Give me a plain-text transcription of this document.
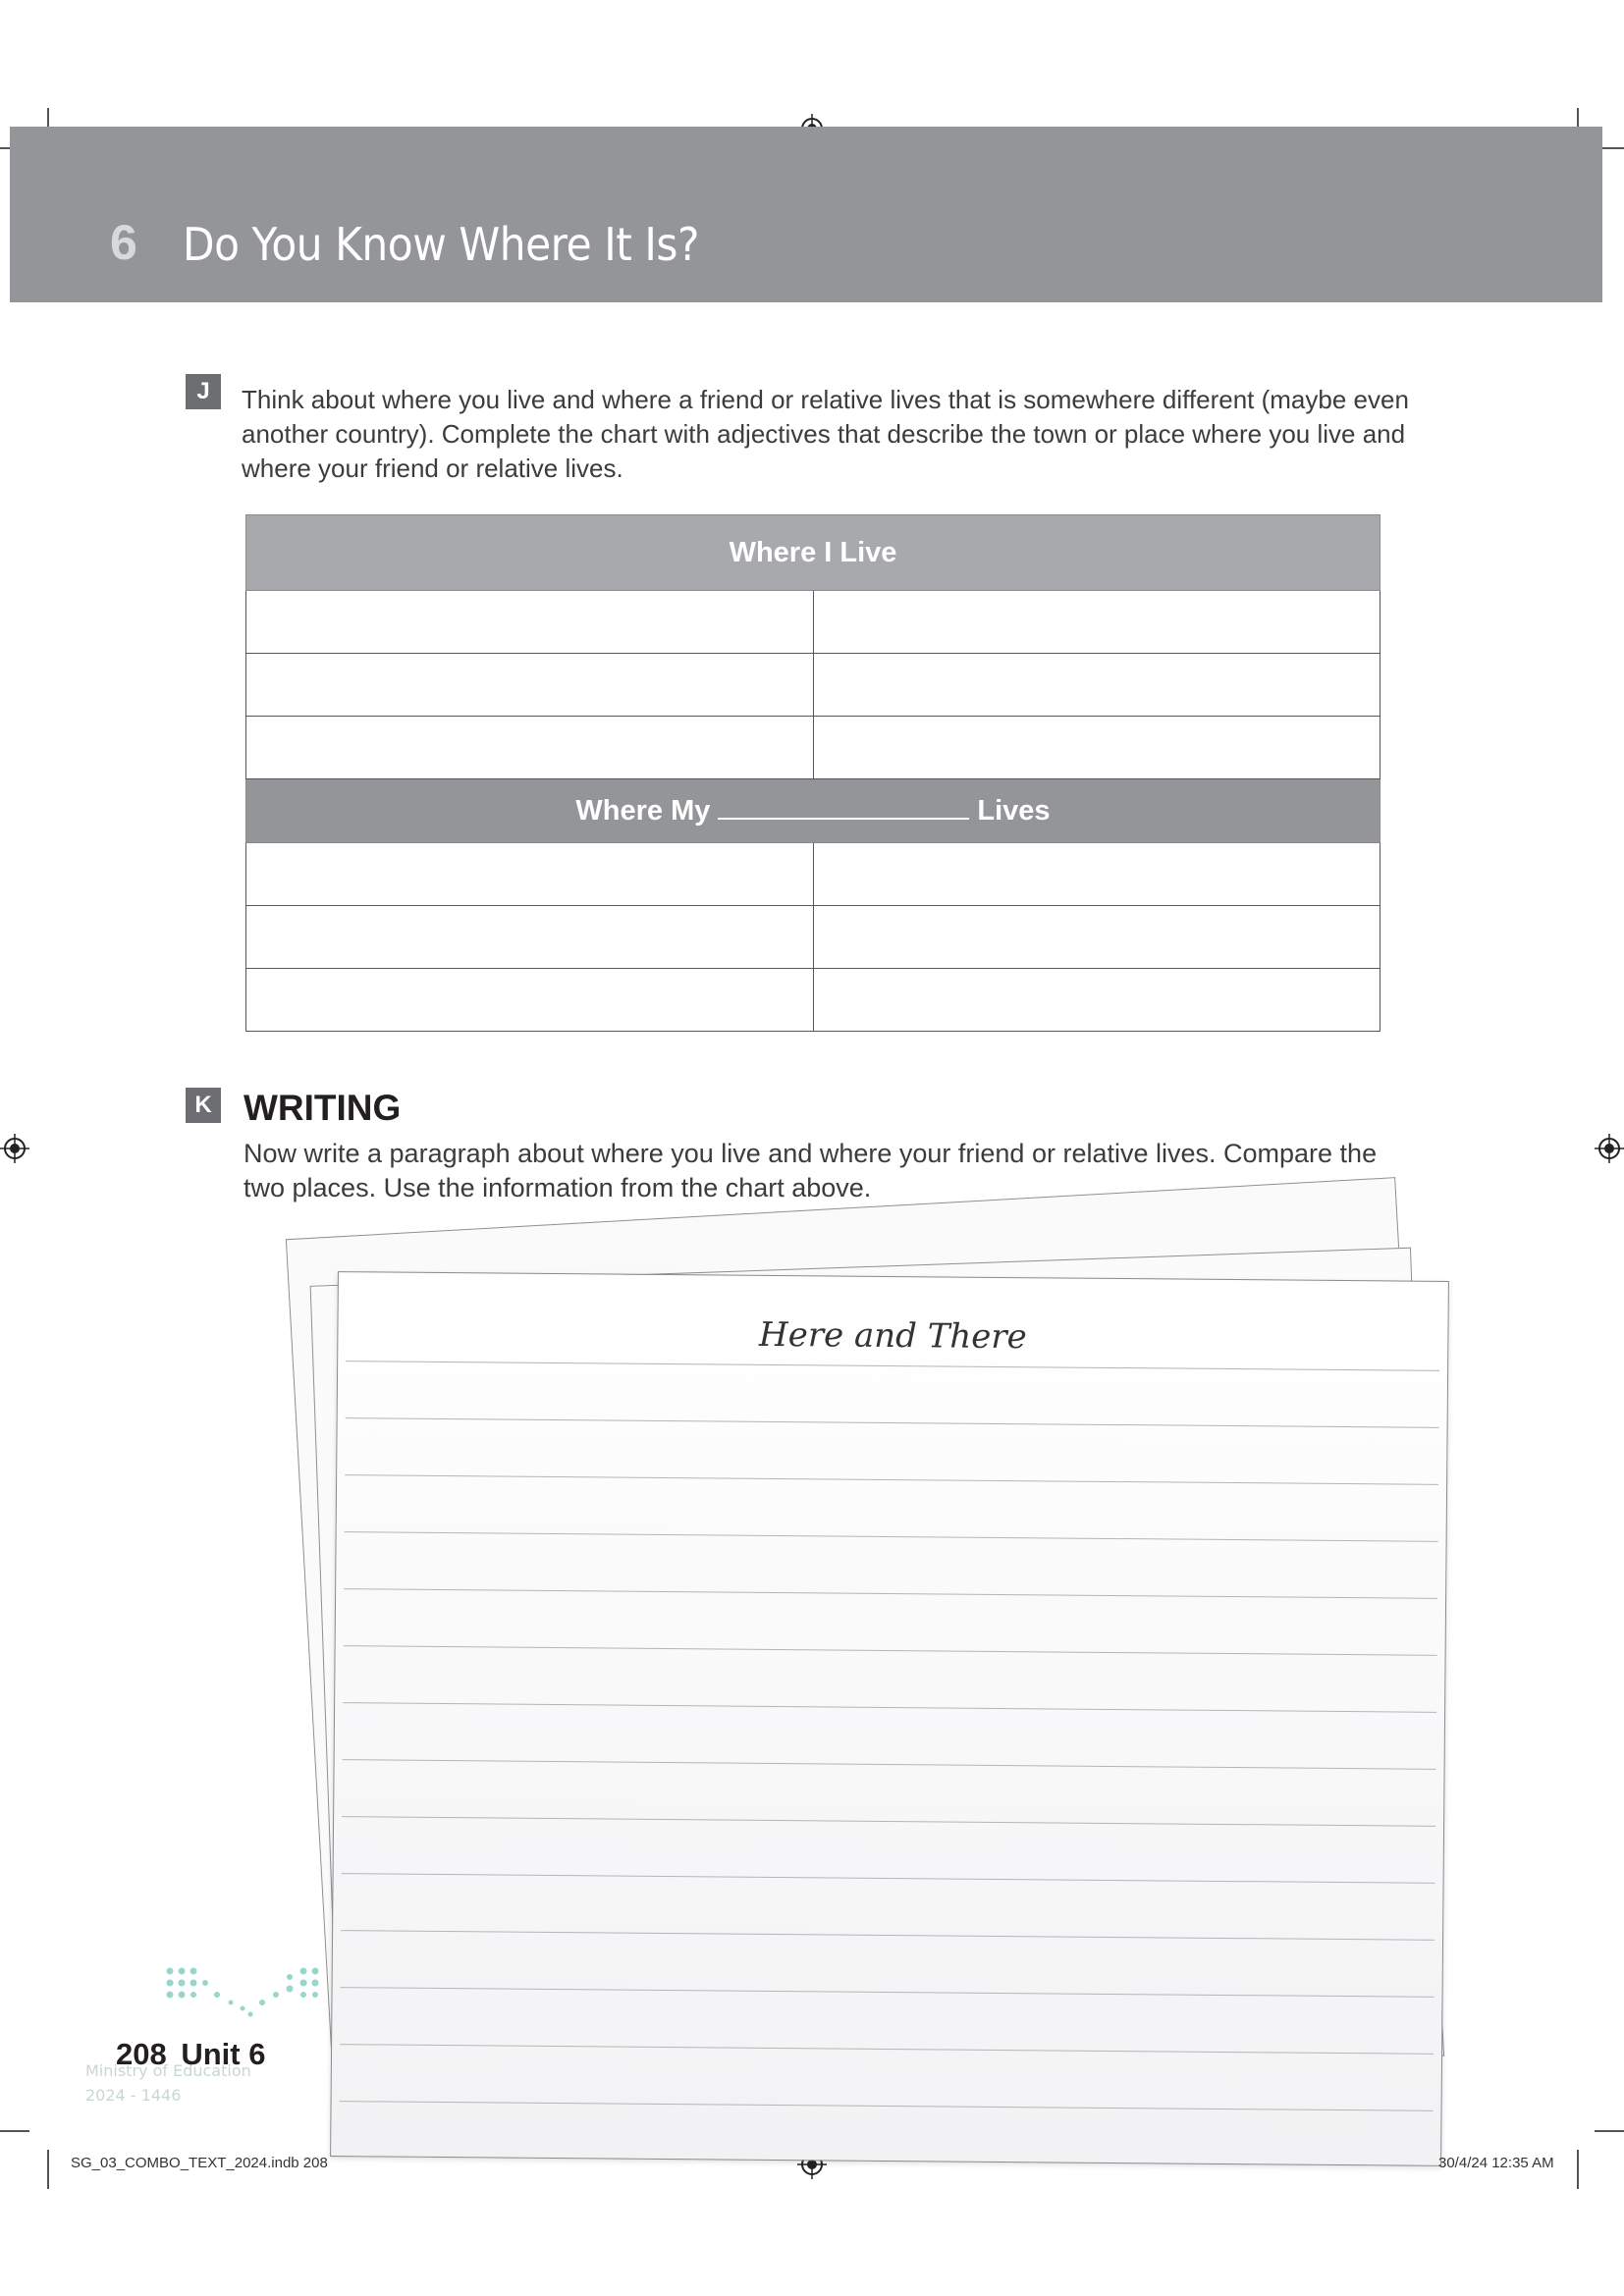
6 Do You Know Where It Is?
J	Think about where you live and where a friend or relative lives that is somewhere different (maybe even
another country). Complete the chart with adjectives that describe the town or place where you live and
where your friend or relative lives.
Where I Live	

Where My Lives	

K WRITING
Now write a paragraph about where you live and where your friend or relative lives. Compare the
two places. Use the information from the chart above.
Here and There
Ministry of Education
2024 - 1446
208 Unit 6
SG_03_COMBO_TEXT_2024.indb 208	30/4/24 12:35 AM
